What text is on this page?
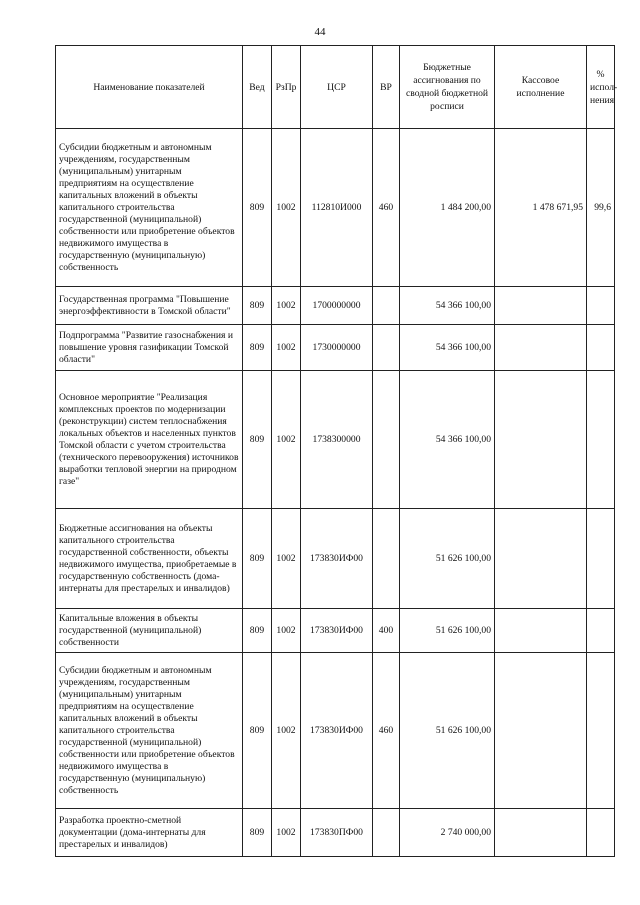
44
Наименование показателей	Вед	РзПр	ЦСР	ВР	Бюджетные ассигнования по сводной бюджетной росписи	Кассовое исполнение	% испол-нения
Субсидии бюджетным и автономным учреждениям, государственным (муниципальным) унитарным предприятиям на осуществление капитальных вложений в объекты капитального строительства государственной (муниципальной) собственности или приобретение объектов недвижимого имущества в государственную (муниципальную) собственность	809	1002	112810И000	460	1 484 200,00	1 478 671,95	99,6
Государственная программа "Повышение энергоэффективности в Томской области"	809	1002	1700000000		54 366 100,00		
Подпрограмма "Развитие газоснабжения и повышение уровня газификации Томской области"	809	1002	1730000000		54 366 100,00		
Основное мероприятие "Реализация комплексных проектов по модернизации (реконструкции) систем теплоснабжения локальных объектов и населенных пунктов Томской области с учетом строительства (технического перевооружения) источников выработки тепловой энергии на природном газе"	809	1002	1738300000		54 366 100,00		
Бюджетные ассигнования на объекты капитального строительства государственной собственности, объекты недвижимого имущества, приобретаемые в государственную собственность (дома-интернаты для престарелых и инвалидов)	809	1002	173830ИФ00		51 626 100,00		
Капитальные вложения в объекты государственной (муниципальной) собственности	809	1002	173830ИФ00	400	51 626 100,00		
Субсидии бюджетным и автономным учреждениям, государственным (муниципальным) унитарным предприятиям на осуществление капитальных вложений в объекты капитального строительства государственной (муниципальной) собственности или приобретение объектов недвижимого имущества в государственную (муниципальную) собственность	809	1002	173830ИФ00	460	51 626 100,00		
Разработка проектно-сметной документации (дома-интернаты для престарелых и инвалидов)	809	1002	173830ПФ00		2 740 000,00		
